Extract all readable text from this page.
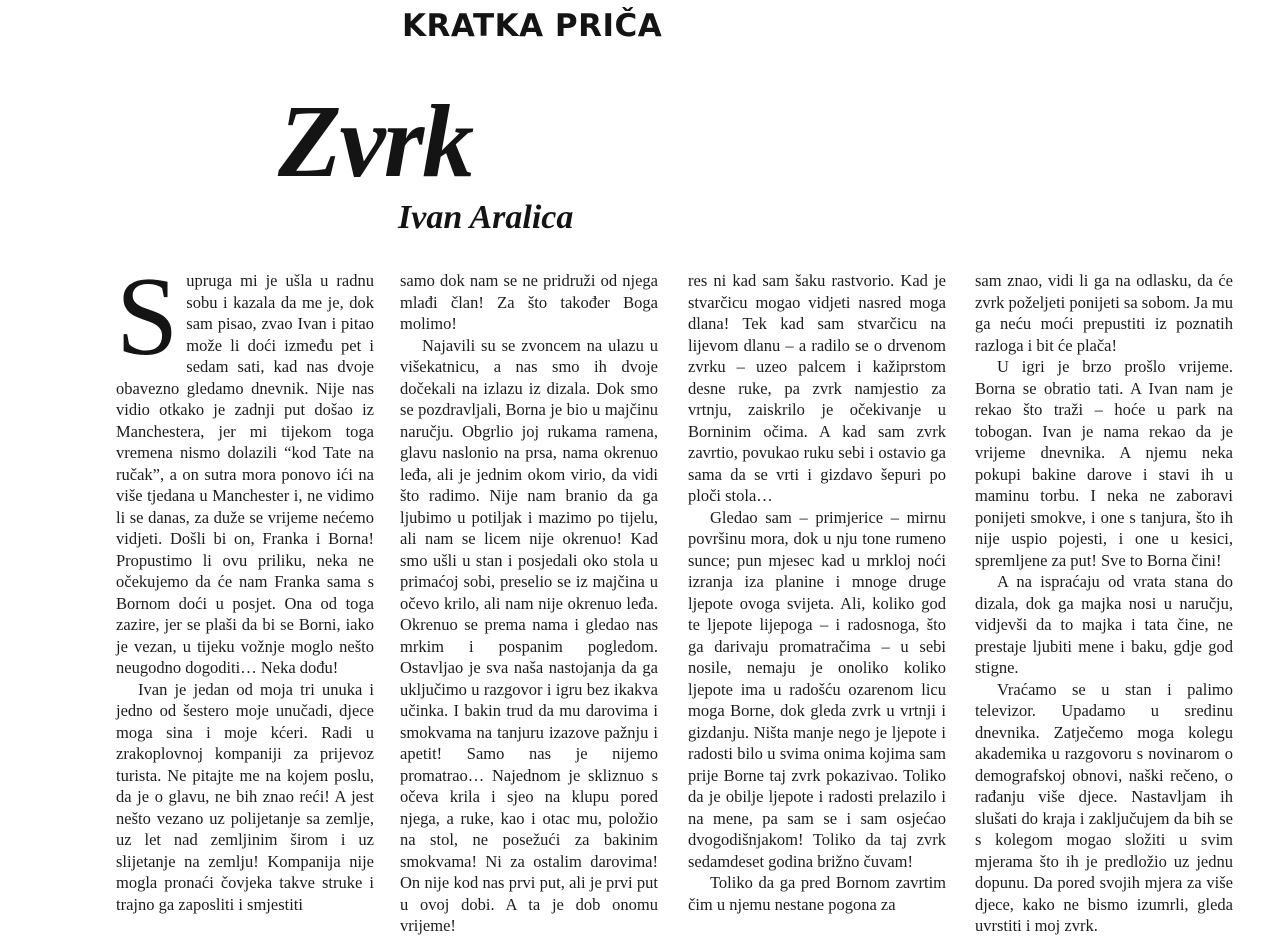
KRATKA PRIČA
Zvrk
Ivan Aralica

Supruga mi je ušla u radnu sobu i kazala da me je, dok sam pisao, zvao Ivan i pitao može li doći između pet i sedam sati, kad nas dvoje obavezno gledamo dnevnik. Nije nas vidio otkako je zadnji put došao iz Manchestera, jer mi tijekom toga vremena nismo dolazili “kod Tate na ručak”, a on sutra mora ponovo ići na više tjedana u Manchester i, ne vidimo li se danas, za duže se vrijeme nećemo vidjeti. Došli bi on, Franka i Borna! Propustimo li ovu priliku, neka ne očekujemo da će nam Franka sama s Bornom doći u posjet. Ona od toga zazire, jer se plaši da bi se Borni, iako je vezan, u tijeku vožnje moglo nešto neugodno dogoditi… Neka dođu!

Ivan je jedan od moja tri unuka i jedno od šestero moje unučadi, djece moga sina i moje kćeri. Radi u zrakoplovnoj kompaniji za prijevoz turista. Ne pitajte me na kojem poslu, da je o glavu, ne bih znao reći! A jest nešto vezano uz polijetanje sa zemlje, uz let nad zemljinim širom i uz slijetanje na zemlju! Kompanija nije mogla pronaći čovjeka takve struke i trajno ga zaposliti i smjestiti

samo dok nam se ne pridruži od njega mlađi član! Za što također Boga molimo!

Najavili su se zvoncem na ulazu u višekatnicu, a nas smo ih dvoje dočekali na izlazu iz dizala. Dok smo se pozdravljali, Borna je bio u majčinu naručju. Obgrlio joj rukama ramena, glavu naslonio na prsa, nama okrenuo leđa, ali je jednim okom virio, da vidi što radimo. Nije nam branio da ga ljubimo u potiljak i mazimo po tijelu, ali nam se licem nije okrenuo! Kad smo ušli u stan i posjedali oko stola u primaćoj sobi, preselio se iz majčina u očevo krilo, ali nam nije okrenuo leđa. Okrenuo se prema nama i gledao nas mrkim i pospanim pogledom. Ostavljao je sva naša nastojanja da ga uključimo u razgovor i igru bez ikakva učinka. I bakin trud da mu darovima i smokvama na tanjuru izazove pažnju i apetit! Samo nas je nijemo promatrao… Najednom je skliznuo s očeva krila i sjeo na klupu pored njega, a ruke, kao i otac mu, položio na stol, ne posežući za bakinim smokvama! Ni za ostalim darovima! On nije kod nas prvi put, ali je prvi put u ovoj dobi. A ta je dob onomu vrijeme!

res ni kad sam šaku rastvorio. Kad je stvarčicu mogao vidjeti nasred moga dlana! Tek kad sam stvarčicu na lijevom dlanu – a radilo se o drvenom zvrku – uzeo palcem i kažiprstom desne ruke, pa zvrk namjestio za vrtnju, zaiskrilo je očekivanje u Borninim očima. A kad sam zvrk zavrtio, povukao ruku sebi i ostavio ga sama da se vrti i gizdavo šepuri po ploči stola…

Gledao sam – primjerice – mirnu površinu mora, dok u nju tone rumeno sunce; pun mjesec kad u mrkloj noći izranja iza planine i mnoge druge ljepote ovoga svijeta. Ali, koliko god te ljepote lijepoga – i radosnoga, što ga darivaju promatračima – u sebi nosile, nemaju je onoliko koliko ljepote ima u radošću ozarenom licu moga Borne, dok gleda zvrk u vrtnji i gizdanju. Ništa manje nego je ljepote i radosti bilo u svima onima kojima sam prije Borne taj zvrk pokazivao. Toliko da je obilje ljepote i radosti prelazilo i na mene, pa sam se i sam osjećao dvogodišnjakom! Toliko da taj zvrk sedamdeset godina brižno čuvam!

Toliko da ga pred Bornom zavrtim čim u njemu nestane pogona za

sam znao, vidi li ga na odlasku, da će zvrk poželjeti ponijeti sa sobom. Ja mu ga neću moći prepustiti iz poznatih razloga i bit će plača!

U igri je brzo prošlo vrijeme. Borna se obratio tati. A Ivan nam je rekao što traži – hoće u park na tobogan. Ivan je nama rekao da je vrijeme dnevnika. A njemu neka pokupi bakine darove i stavi ih u maminu torbu. I neka ne zaboravi ponijeti smokve, i one s tanjura, što ih nije uspio pojesti, i one u kesici, spremljene za put! Sve to Borna čini!

A na ispraćaju od vrata stana do dizala, dok ga majka nosi u naručju, vidjevši da to majka i tata čine, ne prestaje ljubiti mene i baku, gdje god stigne.

Vraćamo se u stan i palimo televizor. Upadamo u sredinu dnevnika. Zatječemo moga kolegu akademika u razgovoru s novinarom o demografskoj obnovi, naški rečeno, o rađanju više djece. Nastavljam ih slušati do kraja i zaključujem da bih se s kolegom mogao složiti u svim mjerama što ih je predložio uz jednu dopunu. Da pored svojih mjera za više djece, kako ne bismo izumrli, gleda uvrstiti i moj zvrk.
